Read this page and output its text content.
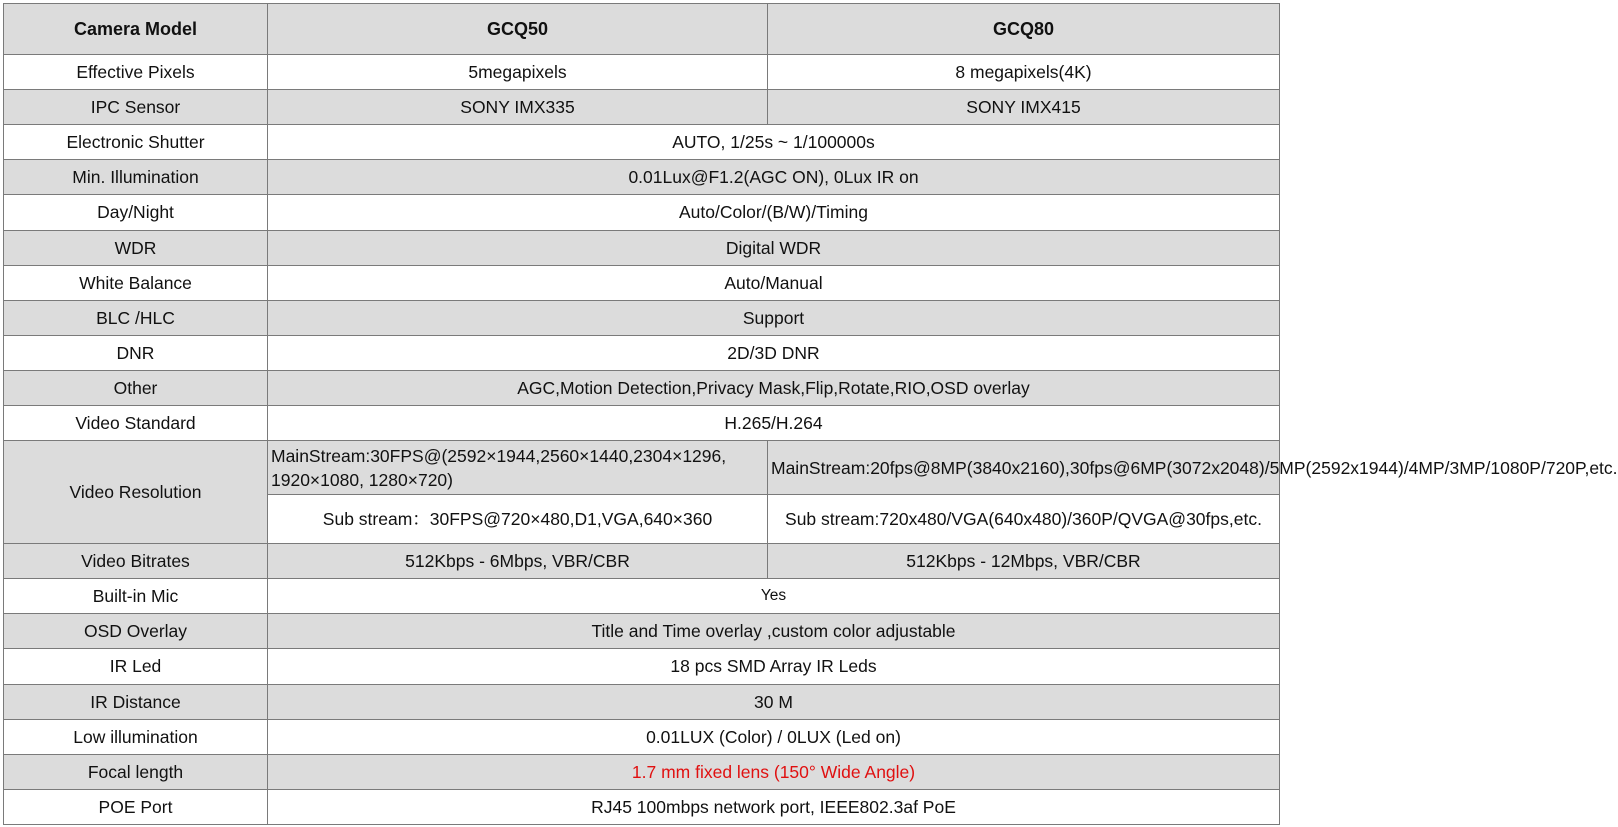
Camera Model	GCQ50	GCQ80
Effective Pixels	5megapixels	8 megapixels(4K)
IPC Sensor	SONY IMX335	SONY IMX415
Electronic Shutter	AUTO, 1/25s ~ 1/100000s	
Min. Illumination	0.01Lux@F1.2(AGC ON), 0Lux IR on	
Day/Night	Auto/Color/(B/W)/Timing	
WDR	Digital WDR	
White Balance	Auto/Manual	
BLC /HLC	Support	
DNR	2D/3D DNR	
Other	AGC,Motion Detection,Privacy Mask,Flip,Rotate,RIO,OSD overlay	
Video Standard	H.265/H.264	
Video Resolution	MainStream:30FPS@(2592×1944,2560×1440,2304×1296, 1920×1080, 1280×720)	MainStream:20fps@8MP(3840x2160),30fps@6MP(3072x2048)/5MP(2592x1944)/4MP/3MP/1080P/720P,etc.
	Sub stream：30FPS@720×480,D1,VGA,640×360	Sub stream:720x480/VGA(640x480)/360P/QVGA@30fps,etc.
Video Bitrates	512Kbps - 6Mbps, VBR/CBR	512Kbps - 12Mbps, VBR/CBR
Built-in Mic	Yes	
OSD Overlay	Title and Time overlay ,custom color adjustable	
IR Led	18 pcs SMD Array IR Leds	
IR Distance	30 M	
Low illumination	0.01LUX (Color) / 0LUX (Led on)	
Focal length	1.7 mm fixed lens (150° Wide Angle)	
POE Port	RJ45 100mbps network port, IEEE802.3af PoE	
